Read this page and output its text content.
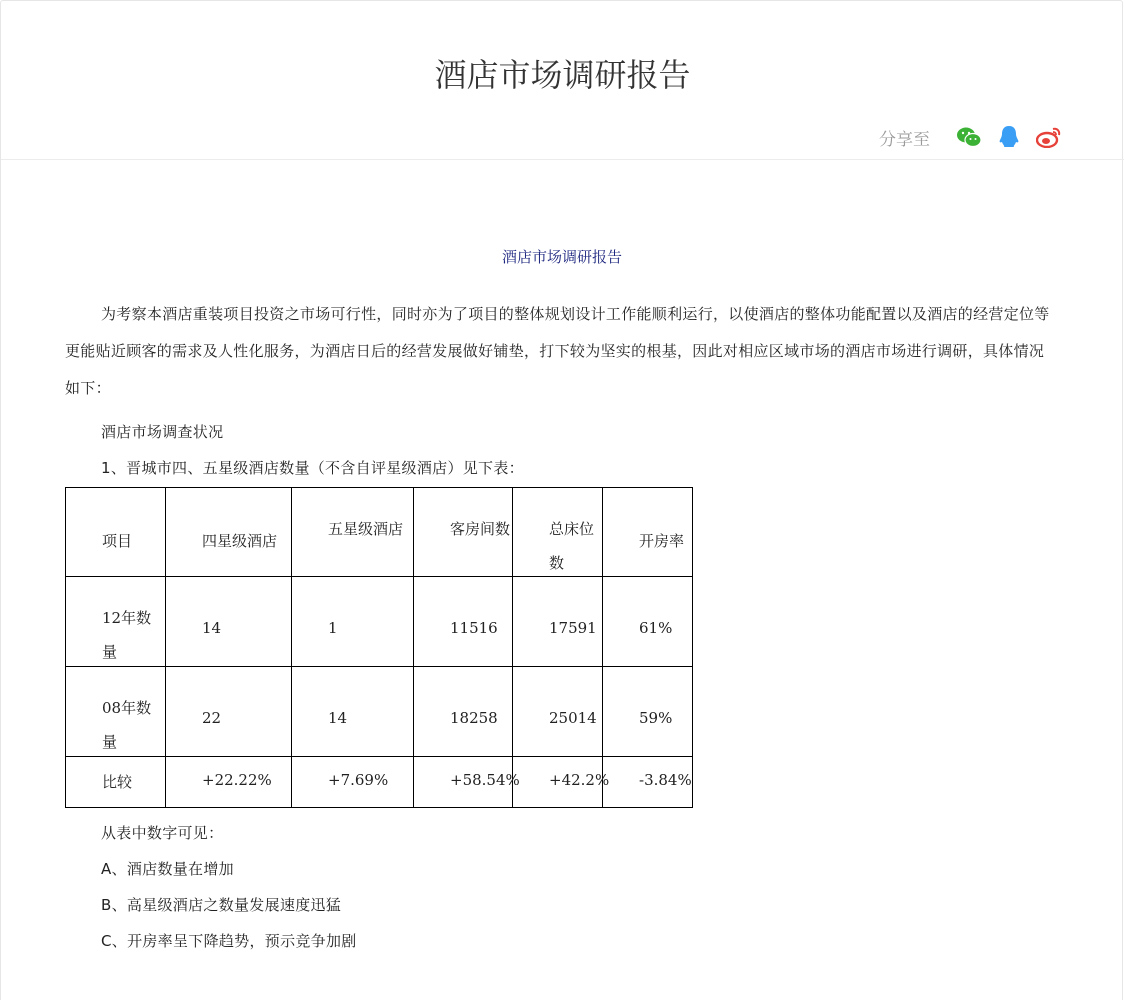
酒店市场调研报告
分享至
酒店市场调研报告

为考察本酒店重装项目投资之市场可行性，同时亦为了项目的整体规划设计工作能顺利运行，以使酒店的整体功能配置以及酒店的经营定位等更能贴近顾客的需求及人性化服务，为酒店日后的经营发展做好铺垫，打下较为坚实的根基，因此对相应区域市场的酒店市场进行调研，具体情况如下：

酒店市场调查状况

1、晋城市四、五星级酒店数量（不含自评星级酒店）见下表：

项目	四星级酒店	五星级酒店	客房间数	总床位数	开房率

12年数量	14	1	11516	17591	61%

08年数量	22	14	18258	25014	59%

比较	+22.22%	+7.69%	+58.54%	+42.2%	-3.84%

从表中数字可见：

A、酒店数量在增加

B、高星级酒店之数量发展速度迅猛

C、开房率呈下降趋势，预示竞争加剧
